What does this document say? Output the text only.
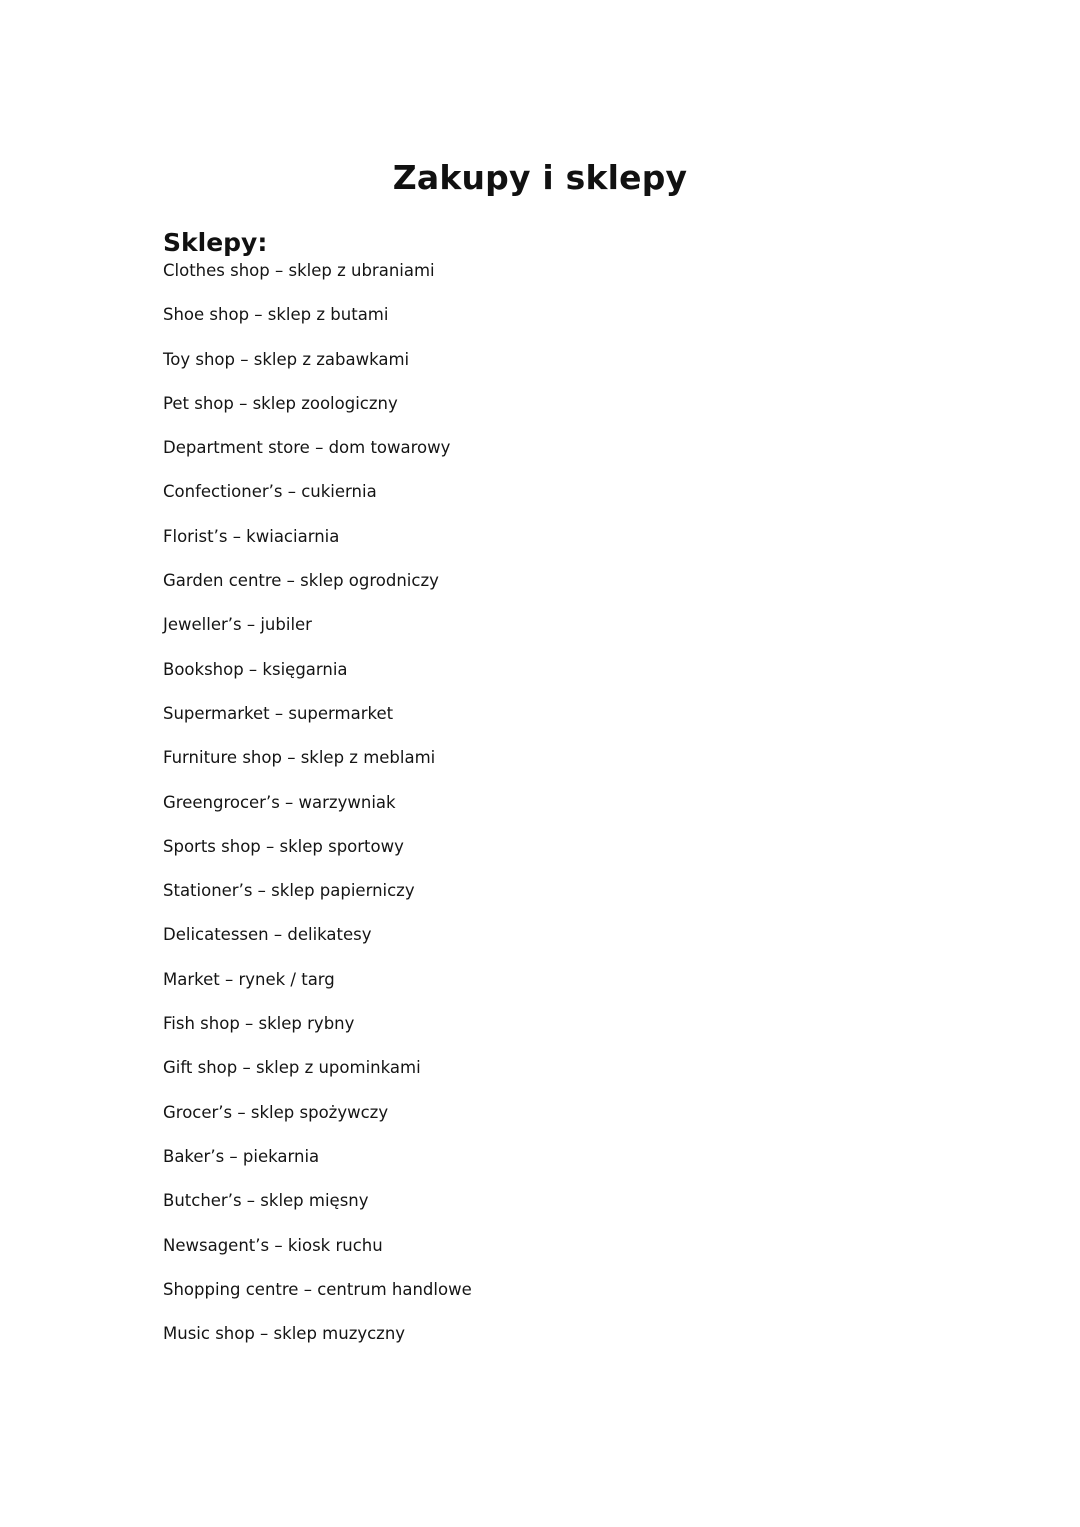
Zakupy i sklepy
Sklepy:
Clothes shop – sklep z ubraniami
Shoe shop – sklep z butami
Toy shop – sklep z zabawkami
Pet shop – sklep zoologiczny
Department store – dom towarowy
Confectioner’s – cukiernia
Florist’s – kwiaciarnia
Garden centre – sklep ogrodniczy
Jeweller’s – jubiler
Bookshop – księgarnia
Supermarket – supermarket
Furniture shop – sklep z meblami
Greengrocer’s – warzywniak
Sports shop – sklep sportowy
Stationer’s – sklep papierniczy
Delicatessen – delikatesy
Market – rynek / targ
Fish shop – sklep rybny
Gift shop – sklep z upominkami
Grocer’s – sklep spożywczy
Baker’s – piekarnia
Butcher’s – sklep mięsny
Newsagent’s – kiosk ruchu
Shopping centre – centrum handlowe
Music shop – sklep muzyczny
